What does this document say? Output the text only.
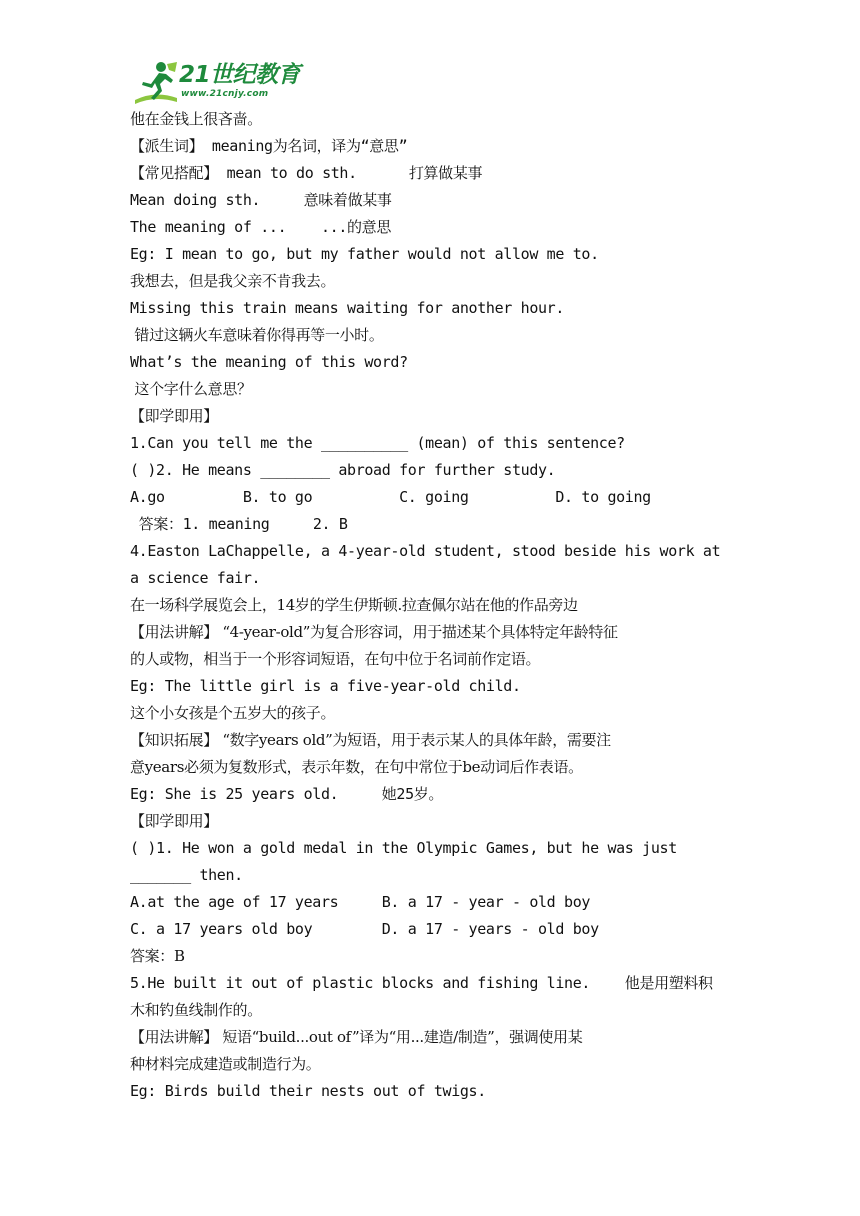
21世纪教育
www.21cnjy.com
他在金钱上很吝啬。
【派生词】 meaning为名词，译为“意思”
【常见搭配】 mean to do sth.      打算做某事
Mean doing sth.     意味着做某事
The meaning of ...    ...的意思
Eg: I mean to go, but my father would not allow me to.
我想去，但是我父亲不肯我去。
Missing this train means waiting for another hour.
错过这辆火车意味着你得再等一小时。
What’s the meaning of this word?
这个字什么意思？
【即学即用】
1.Can you tell me the __________ (mean) of this sentence?
( )2. He means ________ abroad for further study.
A.go         B. to go          C. going          D. to going
答案：1. meaning     2. B
4.Easton LaChappelle, a 4-year-old student, stood beside his work at
a science fair.
在一场科学展览会上，14岁的学生伊斯顿.拉查佩尔站在他的作品旁边
【用法讲解】 “4-year-old”为复合形容词，用于描述某个具体特定年龄特征
的人或物，相当于一个形容词短语，在句中位于名词前作定语。
Eg: The little girl is a five-year-old child.
这个小女孩是个五岁大的孩子。
【知识拓展】 “数字years old”为短语，用于表示某人的具体年龄，需要注
意years必须为复数形式，表示年数，在句中常位于be动词后作表语。
Eg: She is 25 years old.     她25岁。
【即学即用】
( )1. He won a gold medal in the Olympic Games, but he was just
_______ then.
A.at the age of 17 years     B. a 17 - year - old boy
C. a 17 years old boy        D. a 17 - years - old boy
答案：B
5.He built it out of plastic blocks and fishing line.    他是用塑料积
木和钓鱼线制作的。
【用法讲解】 短语“build...out of”译为“用...建造/制造”，强调使用某
种材料完成建造或制造行为。
Eg: Birds build their nests out of twigs.
